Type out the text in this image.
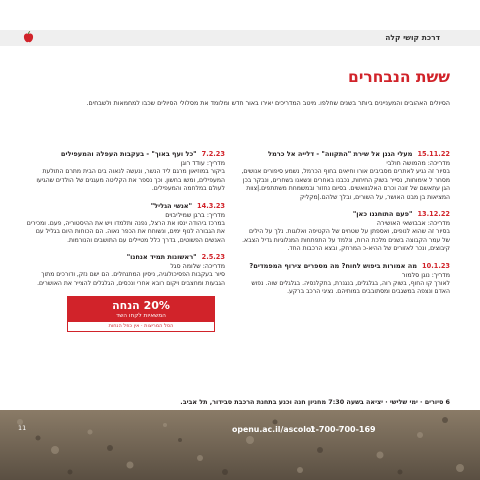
דרכת קושי קלה
ששת הנבחרים
הסיולים האהובים והמעניינים ביותר בשנים שחלפו. מיטב המדריכים יאירו באור חדש ומלומד את מסלולי הסיולים שכבו למחמאות ולשבחים.
15.11.22
מעלי הגנן אל שירת "התקווה" - דלייה אל כרמל
מדריכה: מהמושה חולבי
בסיור זה נגיע לאתרים מסביבים אורו וחיאים בחוף הכרמל, נשמע סיפורים אנושים, מסחר ל אימוחות, נסייר בשוק החיחות, נכבנו באחרים ונשאנו בשחרים, ונבקר בכן הגן עתאשם של זונה וכרם האלגוואשים. בסיום נחזור ובמשמחת משתתפים.|צוות המציאות בן מבט האושר, על השורים, ובלך שלהם.|מקליק
13.12.22
"פעם התוחגנו כאן"
מדריכה: אבבושאי האושירה
בסיור זה שהוא לנופים, ואספתן על שטחים של הקטיפה ואלוגות. נלך על הילים של עמר הקבוצה בשנים מלכת הרות, ונלמד על התפתחות המנלוגיות גדיל הצבא. קיבוצים, ונכר לאזורים של ההיא-כ המרחק, ובצא הרכבות החד.
10.1.23
מה אמורות ביפוש לחוח? מה מספרים צירוף המפמדים?
מדריך: נוגן סלמור
לאורך קו החוף, בשוק רוה, בגלגלים, בנגנרת, בתקלנסיה. בגלגלים שוה. נפוש האדם ונצפה במשגבים ומסתובבים במותיהם. נציגי הרכב ברקע.
7.2.23
"כל ועף באוך" - בעקבות העפלה והמעפילים
מדריך: עודד רוגן
ביקור במוזיאון מרגם ליד הנשר, ונעשה לנאוה בים הבית מתרם התולעת המעפילים, ומשו בחשון. וכך נספר את הקליטה מעגנים של הולדים שהגיעו לעולם במלחמה והמעפילים.
14.3.23
"אנשי הגליל"
מדריך: ברגן שמיליבוים
במרכז ביהודה ינסו את הרצל, נפנה ותלמדו ויש את ההיסטוריה, פעם. ומכירים את הגבורה לנוף ימים, ונשוחח את הכפר נאוה. הם הכוחות היום בגליל עם האנשים הפשוטים, בדרך כלל מטיילים עם התושבים והנורמות.
2.5.23
"ראשונות תמיד אנחנו"
מדריכה: שלומה סגל
סיור בעקבות הפסיכולוגיה, ניסיון המתנחלים. הם ישם נזק, ודורכים מתוך הגבעות ומחצבים ויקום רובא אחרי ונכסים, הגלגלים להצייר את האושרים.
20% הנחה
המשאיות לקחו השד
הסל המריצות · אין כפל הנחות
6 סיורים · ימי שלישי · יציאה בשעה 7:30 מחניון חנה וכנע בתחנת הרכבת סבידור, תל אביב.
1-700-700-169
openu.ac.il/ascolot
11
